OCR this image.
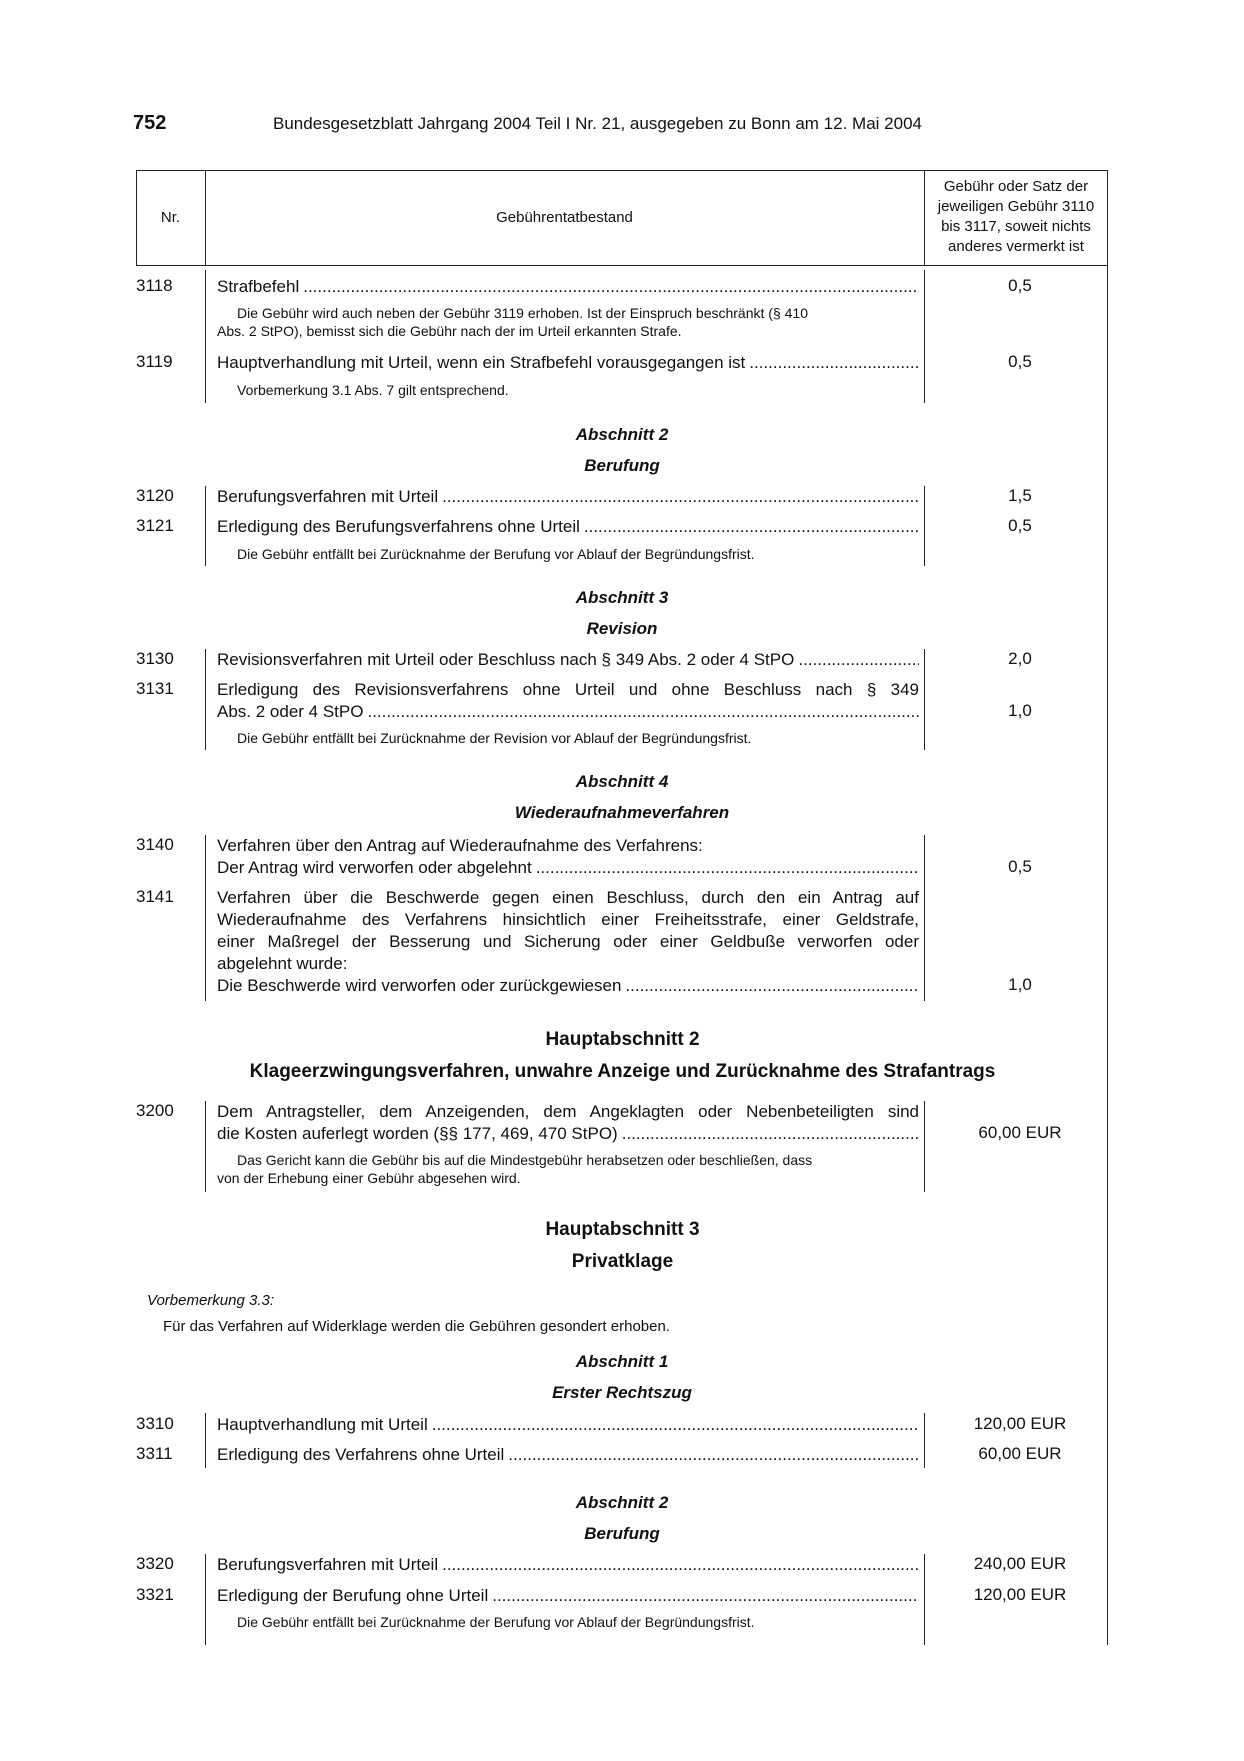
752	Bundesgesetzblatt Jahrgang 2004 Teil I Nr. 21, ausgegeben zu Bonn am 12. Mai 2004
Nr.	Gebührentatbestand
Gebühr oder Satz der
jeweiligen Gebühr 3110
bis 3117, soweit nichts
anderes vermerkt ist
3118	Strafbefehl .....	0,5
Die Gebühr wird auch neben der Gebühr 3119 erhoben. Ist der Einspruch beschränkt (§ 410
Abs. 2 StPO), bemisst sich die Gebühr nach der im Urteil erkannten Strafe.
3119	Hauptverhandlung mit Urteil, wenn ein Strafbefehl vorausgegangen ist .....	0,5
Vorbemerkung 3.1 Abs. 7 gilt entsprechend.
Abschnitt 2
Berufung
3120	Berufungsverfahren mit Urteil .....	1,5
3121	Erledigung des Berufungsverfahrens ohne Urteil .....	0,5
Die Gebühr entfällt bei Zurücknahme der Berufung vor Ablauf der Begründungsfrist.
Abschnitt 3
Revision
3130	Revisionsverfahren mit Urteil oder Beschluss nach § 349 Abs. 2 oder 4 StPO .....	2,0
3131	Erledigung des Revisionsverfahrens ohne Urteil und ohne Beschluss nach § 349
Abs. 2 oder 4 StPO .....	1,0
Die Gebühr entfällt bei Zurücknahme der Revision vor Ablauf der Begründungsfrist.
Abschnitt 4
Wiederaufnahmeverfahren
3140	Verfahren über den Antrag auf Wiederaufnahme des Verfahrens:
Der Antrag wird verworfen oder abgelehnt .....	0,5
3141	Verfahren über die Beschwerde gegen einen Beschluss, durch den ein Antrag auf
Wiederaufnahme des Verfahrens hinsichtlich einer Freiheitsstrafe, einer Geldstrafe,
einer Maßregel der Besserung und Sicherung oder einer Geldbuße verworfen oder
abgelehnt wurde:
Die Beschwerde wird verworfen oder zurückgewiesen .....	1,0
Hauptabschnitt 2
Klageerzwingungsverfahren, unwahre Anzeige und Zurücknahme des Strafantrags
3200	Dem Antragsteller, dem Anzeigenden, dem Angeklagten oder Nebenbeteiligten sind
die Kosten auferlegt worden (§§ 177, 469, 470 StPO) .....	60,00 EUR
Das Gericht kann die Gebühr bis auf die Mindestgebühr herabsetzen oder beschließen, dass
von der Erhebung einer Gebühr abgesehen wird.
Hauptabschnitt 3
Privatklage
Vorbemerkung 3.3:
Für das Verfahren auf Widerklage werden die Gebühren gesondert erhoben.
Abschnitt 1
Erster Rechtszug
3310	Hauptverhandlung mit Urteil .....	120,00 EUR
3311	Erledigung des Verfahrens ohne Urteil .....	60,00 EUR
Abschnitt 2
Berufung
3320	Berufungsverfahren mit Urteil .....	240,00 EUR
3321	Erledigung der Berufung ohne Urteil .....	120,00 EUR
Die Gebühr entfällt bei Zurücknahme der Berufung vor Ablauf der Begründungsfrist.
